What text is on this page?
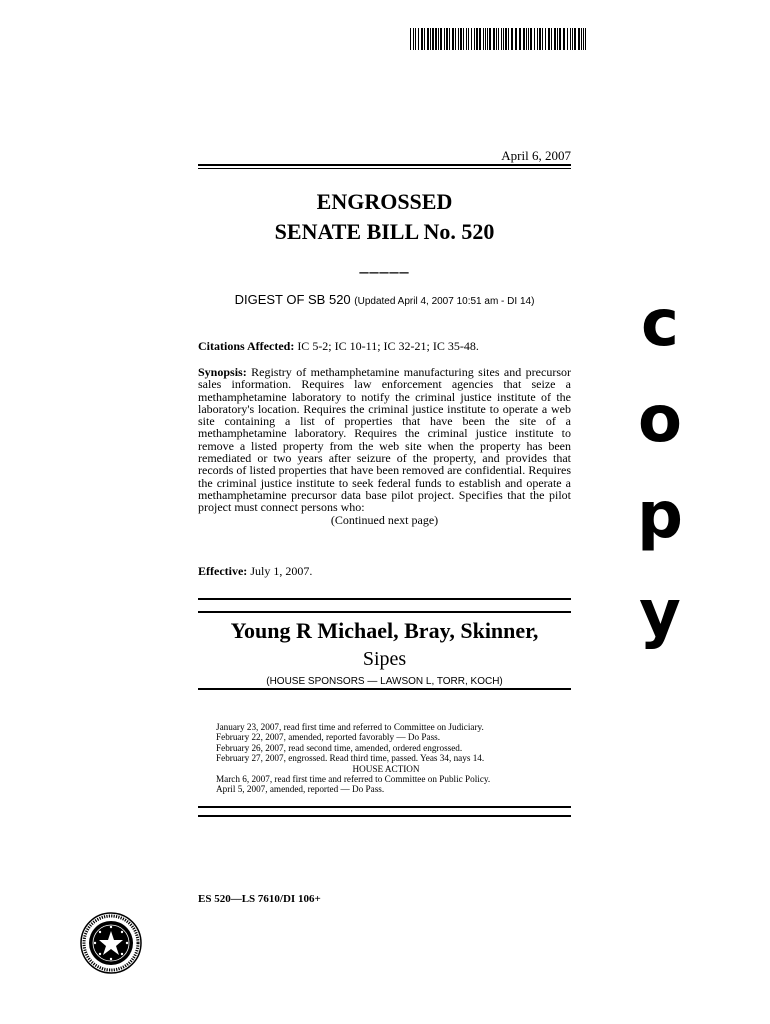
April 6, 2007
ENGROSSED
SENATE BILL No. 520
_____
DIGEST OF SB 520 (Updated April 4, 2007 10:51 am - DI 14)
Citations Affected: IC 5-2; IC 10-11; IC 32-21; IC 35-48.
Synopsis: Registry of methamphetamine manufacturing sites and precursor sales information. Requires law enforcement agencies that seize a methamphetamine laboratory to notify the criminal justice institute of the laboratory's location. Requires the criminal justice institute to operate a web site containing a list of properties that have been the site of a methamphetamine laboratory. Requires the criminal justice institute to remove a listed property from the web site when the property has been remediated or two years after seizure of the property, and provides that records of listed properties that have been removed are confidential. Requires the criminal justice institute to seek federal funds to establish and operate a methamphetamine precursor data base pilot project. Specifies that the pilot project must connect persons who:
(Continued next page)
Effective: July 1, 2007.
Young R Michael, Bray, Skinner,
Sipes
(HOUSE SPONSORS — LAWSON L, TORR, KOCH)
January 23, 2007, read first time and referred to Committee on Judiciary.
February 22, 2007, amended, reported favorably — Do Pass.
February 26, 2007, read second time, amended, ordered engrossed.
February 27, 2007, engrossed. Read third time, passed. Yeas 34, nays 14.
HOUSE ACTION
March 6, 2007, read first time and referred to Committee on Public Policy.
April 5, 2007, amended, reported — Do Pass.
ES 520—LS 7610/DI 106+
c
o
p
y
